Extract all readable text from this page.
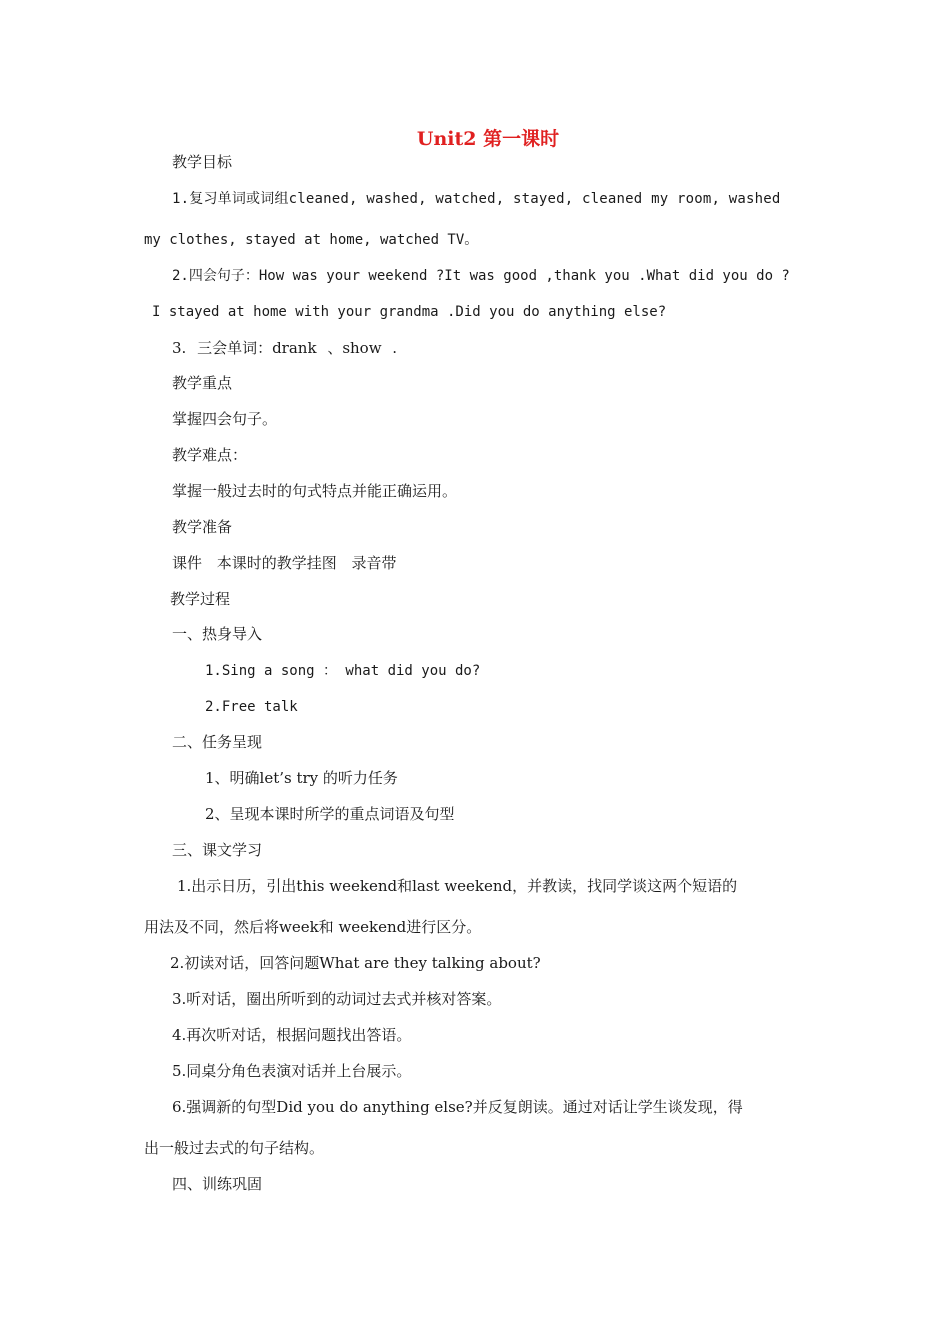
Unit2 第一课时
教学目标
1.复习单词或词组cleaned, washed, watched, stayed, cleaned my room, washed
my clothes, stayed at home, watched TV。
2.四会句子：How was your weekend ?It was good ,thank you .What did you do ?
I stayed at home with your grandma .Did you do anything else?
3. 三会单词：drank 、show .
教学重点
掌握四会句子。
教学难点：
掌握一般过去时的句式特点并能正确运用。
教学准备
课件 本课时的教学挂图 录音带
教学过程
一、热身导入
1.Sing a song ： what did you do?
2.Free talk
二、任务呈现
1、明确let’s try 的听力任务
2、呈现本课时所学的重点词语及句型
三、课文学习
1.出示日历，引出this weekend和last weekend，并教读，找同学谈这两个短语的
用法及不同，然后将week和 weekend进行区分。
2.初读对话，回答问题What are they talking about?
3.听对话，圈出所听到的动词过去式并核对答案。
4.再次听对话，根据问题找出答语。
5.同桌分角色表演对话并上台展示。
6.强调新的句型Did you do anything else?并反复朗读。通过对话让学生谈发现，得
出一般过去式的句子结构。
四、训练巩固
